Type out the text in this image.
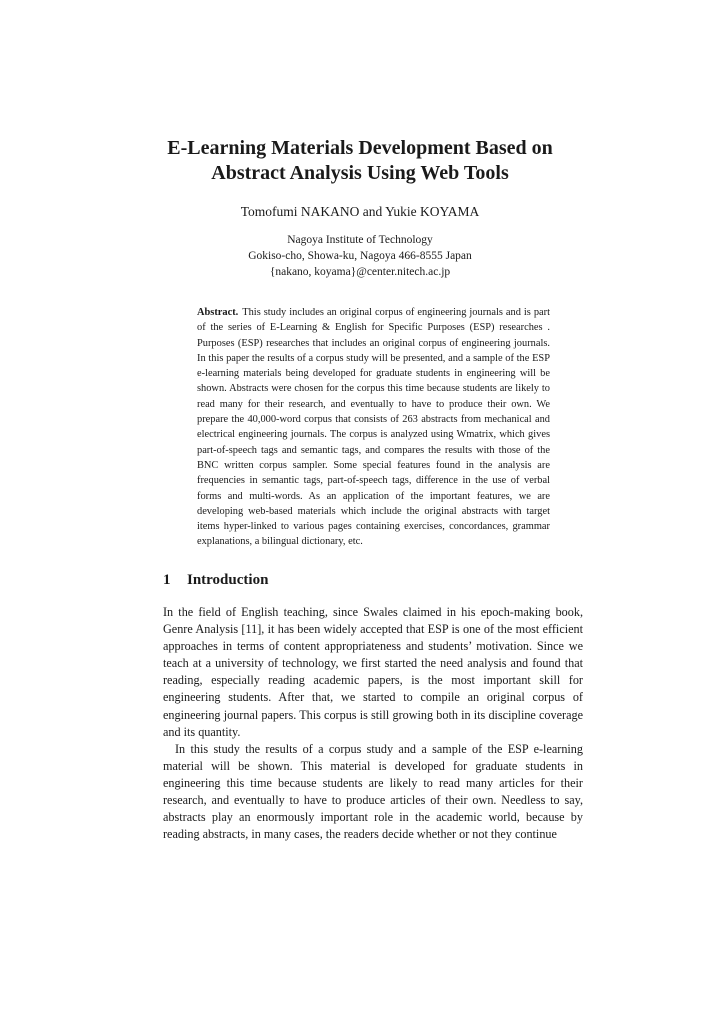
E-Learning Materials Development Based on
Abstract Analysis Using Web Tools
Tomofumi NAKANO and Yukie KOYAMA
Nagoya Institute of Technology
Gokiso-cho, Showa-ku, Nagoya 466-8555 Japan
{nakano, koyama}@center.nitech.ac.jp
Abstract. This study includes an original corpus of engineering journals and is part of the series of E-Learning & English for Specific Purposes (ESP) researches . Purposes (ESP) researches that includes an original corpus of engineering journals. In this paper the results of a corpus study will be presented, and a sample of the ESP e-learning materials being developed for graduate students in engineering will be shown. Abstracts were chosen for the corpus this time because students are likely to read many for their research, and eventually to have to produce their own. We prepare the 40,000-word corpus that consists of 263 abstracts from mechanical and electrical engineering journals. The corpus is analyzed using Wmatrix, which gives part-of-speech tags and semantic tags, and compares the results with those of the BNC written corpus sampler. Some special features found in the analysis are frequencies in semantic tags, part-of-speech tags, difference in the use of verbal forms and multi-words. As an application of the important features, we are developing web-based materials which include the original abstracts with target items hyper-linked to various pages containing exercises, concordances, grammar explanations, a bilingual dictionary, etc.
1 Introduction

In the field of English teaching, since Swales claimed in his epoch-making book, Genre Analysis [11], it has been widely accepted that ESP is one of the most efficient approaches in terms of content appropriateness and students’ motivation. Since we teach at a university of technology, we first started the need analysis and found that reading, especially reading academic papers, is the most important skill for engineering students. After that, we started to compile an original corpus of engineering journal papers. This corpus is still growing both in its discipline coverage and its quantity.

In this study the results of a corpus study and a sample of the ESP e-learning material will be shown. This material is developed for graduate students in engineering this time because students are likely to read many articles for their research, and eventually to have to produce articles of their own. Needless to say, abstracts play an enormously important role in the academic world, because by reading abstracts, in many cases, the readers decide whether or not they continue
